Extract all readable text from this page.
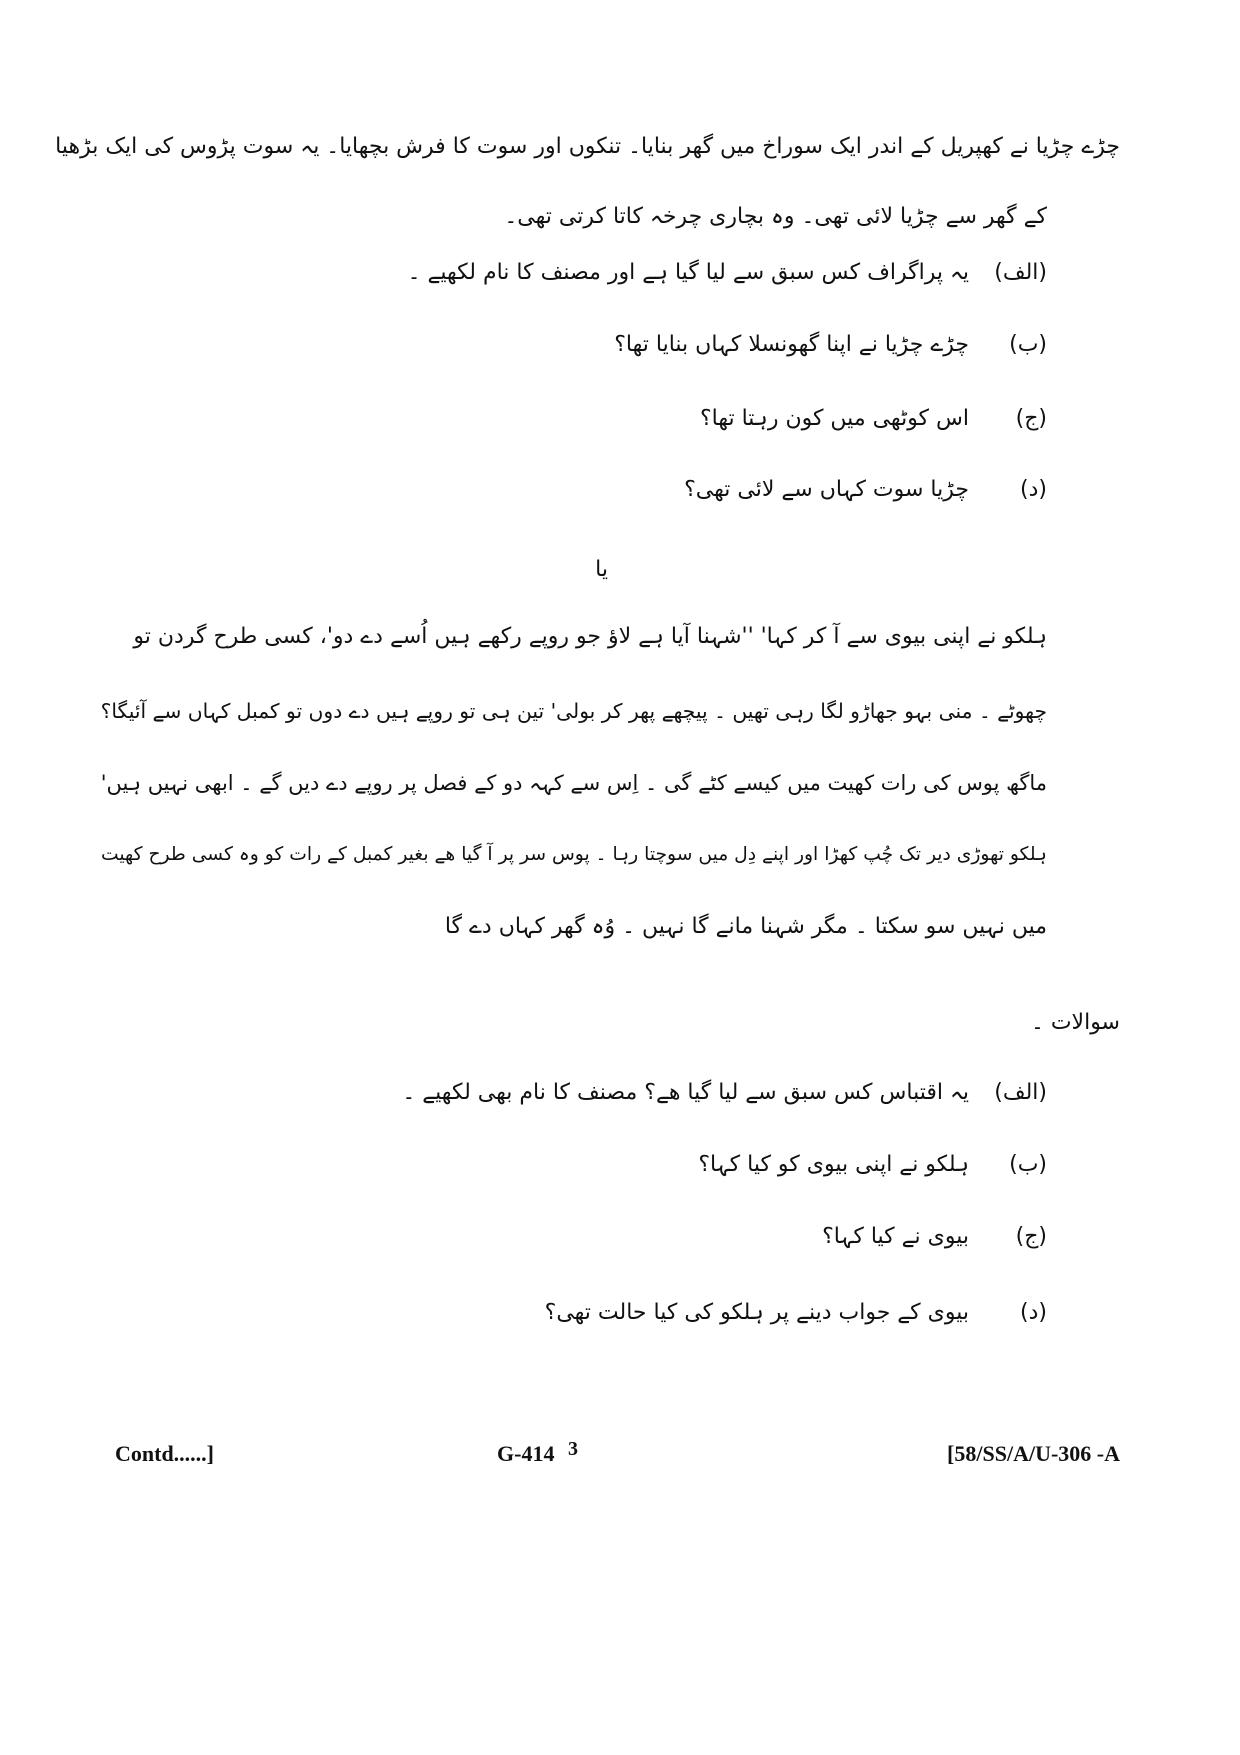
چڑے چڑیا نے کھپریل کے اندر ایک سوراخ میں گھر بنایا۔ تنکوں اور سوت کا فرش بچھایا۔ یہ سوت پڑوس کی ایک بڑھیا
کے گھر سے چڑیا لائی تھی۔ وہ بچاری چرخہ کاتا کرتی تھی۔
(الف)
یہ پراگراف کس سبق سے لیا گیا ہے اور مصنف کا نام لکھیے ۔
(ب)
چڑے چڑیا نے اپنا گھونسلا کہاں بنایا تھا؟
(ج)
اس کوٹھی میں کون رہتا تھا؟
(د)
چڑیا سوت کہاں سے لائی تھی؟
یا
ہلکو نے اپنی بیوی سے آ کر کہا' ''شہنا آیا ہے لاؤ جو روپے رکھے ہیں اُسے دے دو'، کسی طرح گردن تو
چھوٹے ۔ منی بہو جھاڑو لگا رہی تھیں ۔ پیچھے پھر کر بولی' تین ہی تو روپے ہیں دے دوں تو کمبل کہاں سے آئیگا؟
ماگھ پوس کی رات کھیت میں کیسے کٹے گی ۔ اِس سے کہہ دو کے فصل پر روپے دے دیں گے ۔ ابھی نہیں ہیں'
ہلکو تھوڑی دیر تک چُپ کھڑا اور اپنے دِل میں سوچتا رہا ۔ پوس سر پر آ گیا ھے بغیر کمبل کے رات کو وہ کسی طرح کھیت
میں نہیں سو سکتا ۔ مگر شہنا مانے گا نہیں ۔ وُہ گھر کہاں دے گا
سوالات ۔
(الف)
یہ اقتباس کس سبق سے لیا گیا ھے؟ مصنف کا نام بھی لکھیے ۔
(ب)
ہلکو نے اپنی بیوی کو کیا کہا؟
(ج)
بیوی نے کیا کہا؟
(د)
بیوی کے جواب دینے پر ہلکو کی کیا حالت تھی؟
Contd......]	G-414 3	[58/SS/A/U-306 -A
